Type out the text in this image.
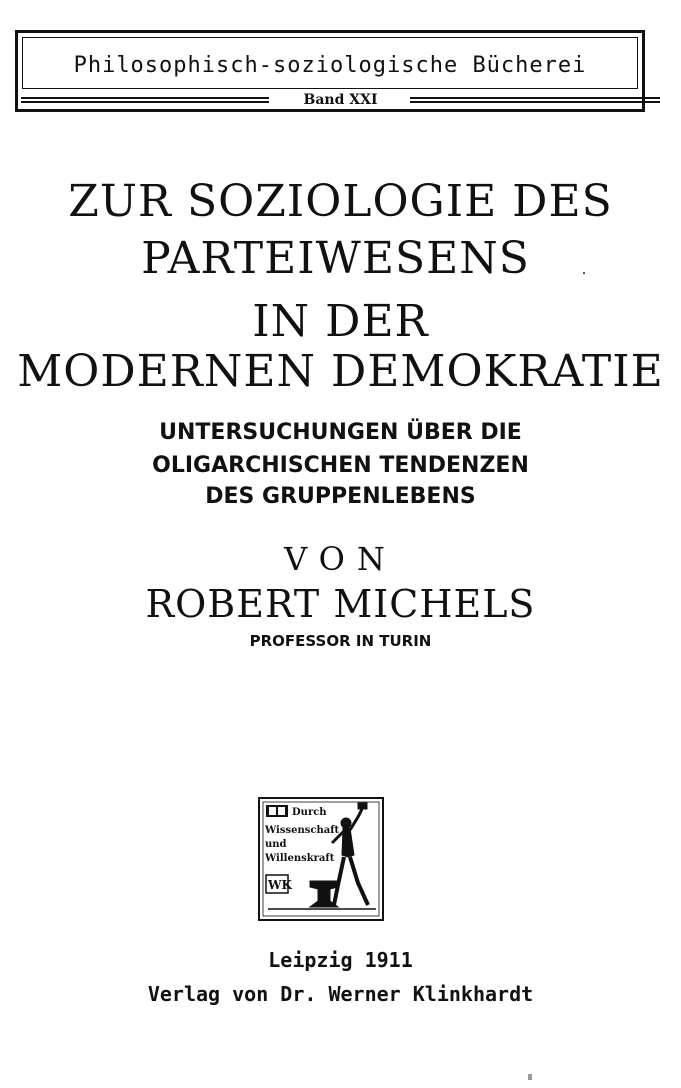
Philosophisch-soziologische Bücherei
Band XXI
ZUR SOZIOLOGIE DES
PARTEIWESENS
IN DER
MODERNEN DEMOKRATIE
UNTERSUCHUNGEN ÜBER DIE
OLIGARCHISCHEN TENDENZEN
DES GRUPPENLEBENS
VON
ROBERT MICHELS
PROFESSOR IN TURIN
Durch
Wissenschaft
und
Willenskraft
WK
Leipzig 1911
Verlag von Dr. Werner Klinkhardt
